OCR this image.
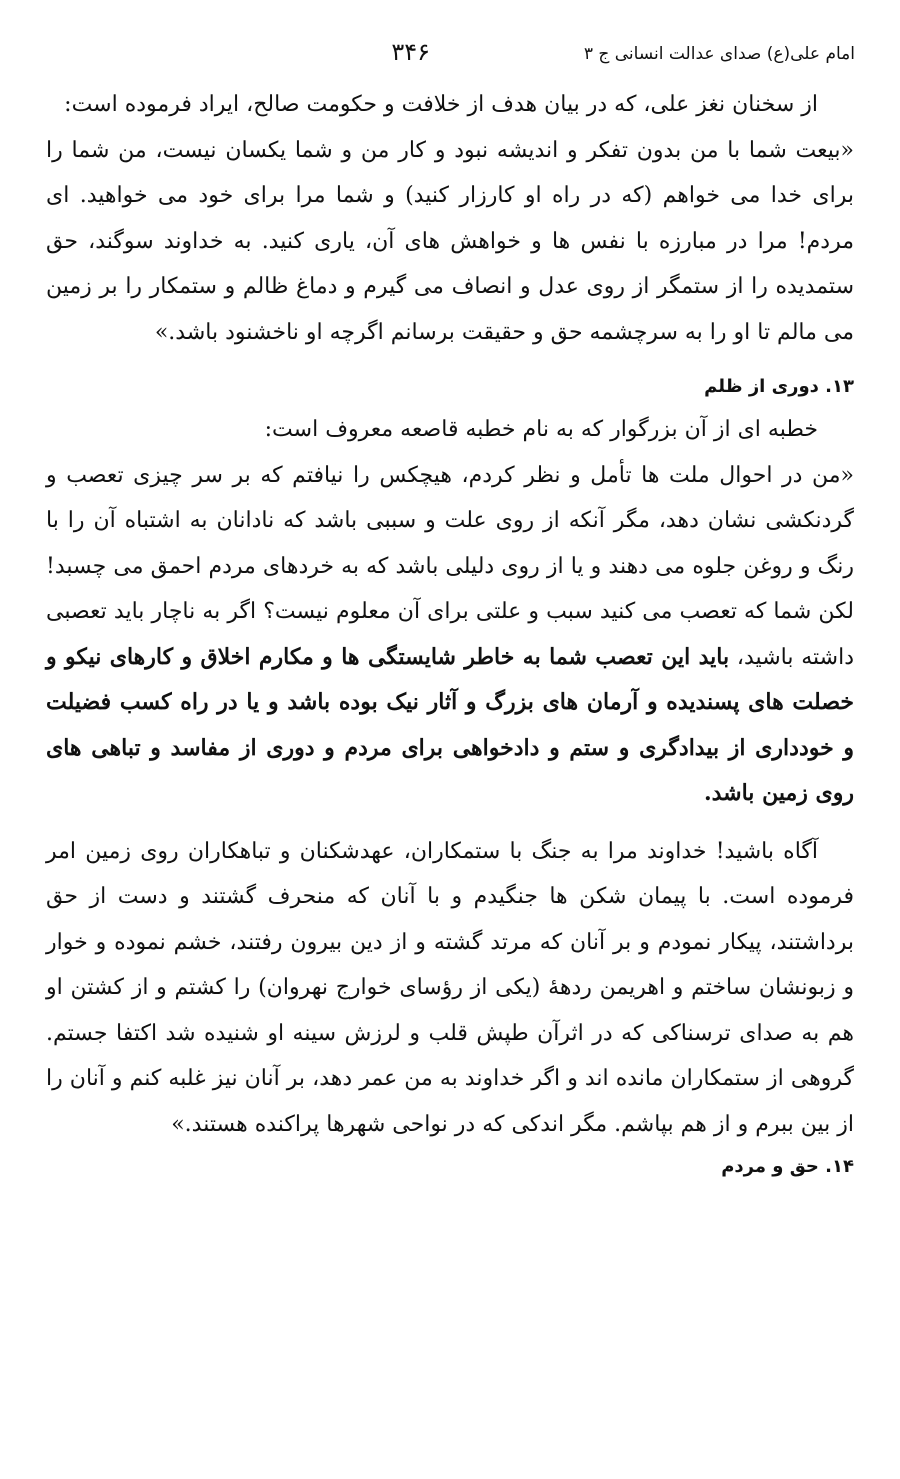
امام علی(ع) صدای عدالت انسانی ج ۳
۳۴۶

از سخنان نغز علی، که در بیان هدف از خلافت و حکومت صالح، ایراد فرموده است:

«بیعت شما با من بدون تفکر و اندیشه نبود و کار من و شما یکسان نیست، من شما را برای خدا می خواهم (که در راه او کارزار کنید) و شما مرا برای خود می خواهید. ای مردم! مرا در مبارزه با نفس ها و خواهش های آن، یاری کنید. به خداوند سوگند، حق ستمدیده را از ستمگر از روی عدل و انصاف می گیرم و دماغ ظالم و ستمکار را بر زمین می مالم تا او را به سرچشمه حق و حقیقت برسانم اگرچه او ناخشنود باشد.»

۱۳. دوری از ظلم

خطبه ای از آن بزرگوار که به نام خطبه قاصعه معروف است:

«من در احوال ملت ها تأمل و نظر کردم، هیچکس را نیافتم که بر سر چیزی تعصب و گردنکشی نشان دهد، مگر آنکه از روی علت و سببی باشد که نادانان به اشتباه آن را با رنگ و روغن جلوه می دهند و یا از روی دلیلی باشد که به خردهای مردم احمق می چسبد! لکن شما که تعصب می کنید سبب و علتی برای آن معلوم نیست؟ اگر به ناچار باید تعصبی داشته باشید، باید این تعصب شما به خاطر شایستگی ها و مکارم اخلاق و کارهای نیکو و خصلت های پسندیده و آرمان های بزرگ و آثار نیک بوده باشد و یا در راه کسب فضیلت و خودداری از بیدادگری و ستم و دادخواهی برای مردم و دوری از مفاسد و تباهی های روی زمین باشد.

آگاه باشید! خداوند مرا به جنگ با ستمکاران، عهدشکنان و تباهکاران روی زمین امر فرموده است. با پیمان شکن ها جنگیدم و با آنان که منحرف گشتند و دست از حق برداشتند، پیکار نمودم و بر آنان که مرتد گشته و از دین بیرون رفتند، خشم نموده و خوار و زبونشان ساختم و اهریمن ردهۀ (یکی از رؤسای خوارج نهروان) را کشتم و از کشتن او هم به صدای ترسناکی که در اثرآن طپش قلب و لرزش سینه او شنیده شد اکتفا جستم. گروهی از ستمکاران مانده اند و اگر خداوند به من عمر دهد، بر آنان نیز غلبه کنم و آنان را از بین ببرم و از هم بپاشم. مگر اندکی که در نواحی شهرها پراکنده هستند.»

۱۴. حق و مردم
